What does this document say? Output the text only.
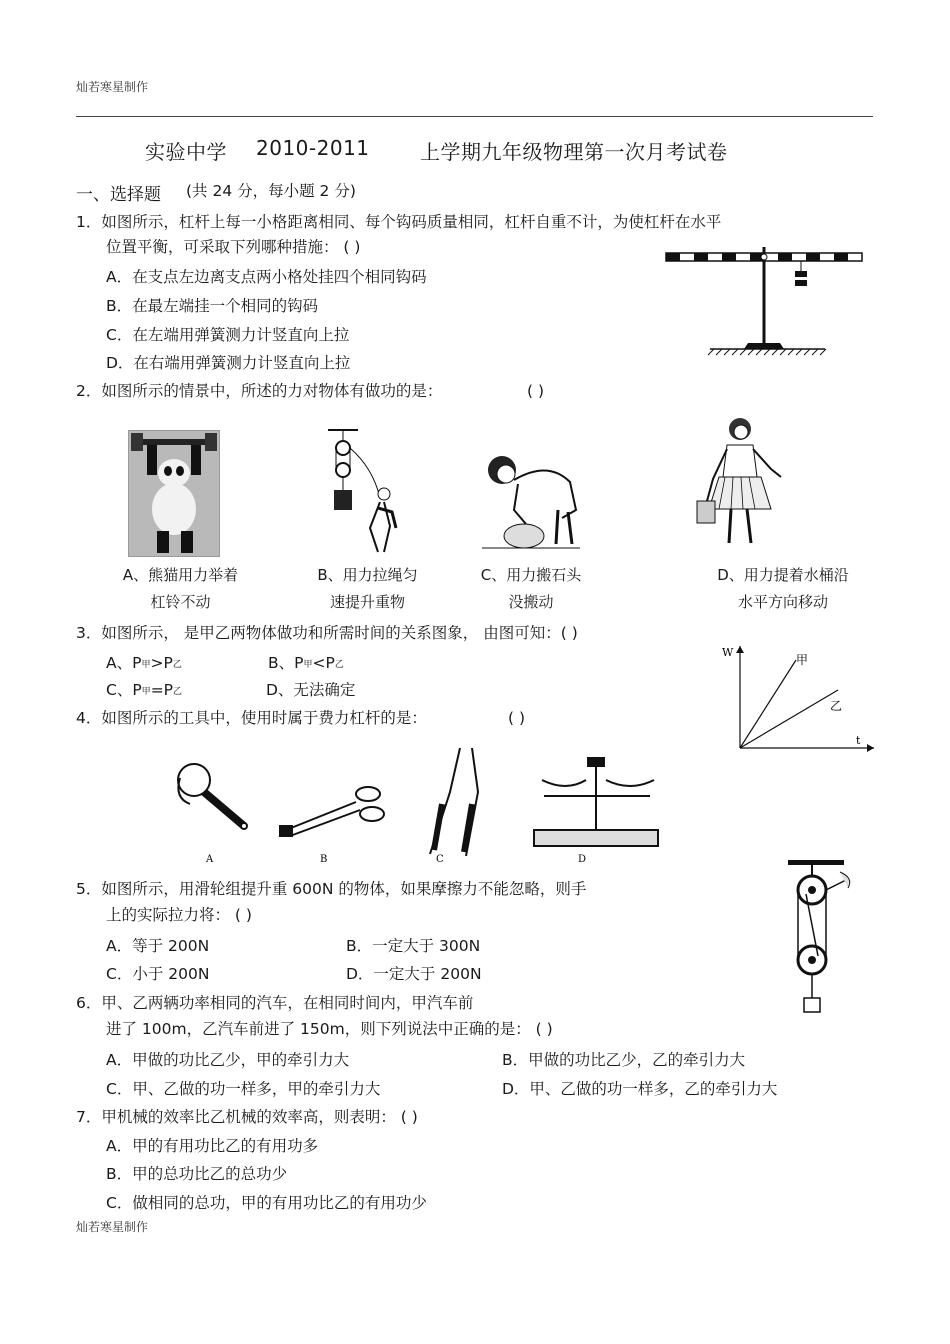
灿若寒星制作
实验中学 2010-2011	上学期九年级物理第一次月考试卷
一、选择题 (共 24 分，每小题 2 分)
1．如图所示，杠杆上每一小格距离相同、每个钩码质量相同，杠杆自重不计，为使杠杆在水平
位置平衡，可采取下列哪种措施： ( )
A．在支点左边离支点两小格处挂四个相同钩码
B．在最左端挂一个相同的钩码
C．在左端用弹簧测力计竖直向上拉
D．在右端用弹簧测力计竖直向上拉
2．如图所示的情景中，所述的力对物体有做功的是：	( )
A、熊猫用力举着
杠铃不动
B、用力拉绳匀
速提升重物
C、用力搬石头
没搬动
D、用力提着水桶沿
水平方向移动
3．如图所示， 是甲乙两物体做功和所需时间的关系图象， 由图可知：( )
A、P甲>P乙	B、P甲<P乙
C、P甲=P乙	D、无法确定
W
t
甲
乙
4．如图所示的工具中，使用时属于费力杠杆的是：	( )
A	B	C	D
5．如图所示，用滑轮组提升重 600N 的物体，如果摩擦力不能忽略，则手
上的实际拉力将： ( )
A．等于 200N	B．一定大于 300N
C．小于 200N	D．一定大于 200N
6．甲、乙两辆功率相同的汽车，在相同时间内，甲汽车前
进了 100m，乙汽车前进了 150m，则下列说法中正确的是： ( )
A．甲做的功比乙少，甲的牵引力大	B．甲做的功比乙少，乙的牵引力大
C．甲、乙做的功一样多，甲的牵引力大	D．甲、乙做的功一样多，乙的牵引力大
7．甲机械的效率比乙机械的效率高，则表明： ( )
A．甲的有用功比乙的有用功多
B．甲的总功比乙的总功少
C．做相同的总功，甲的有用功比乙的有用功少
灿若寒星制作
